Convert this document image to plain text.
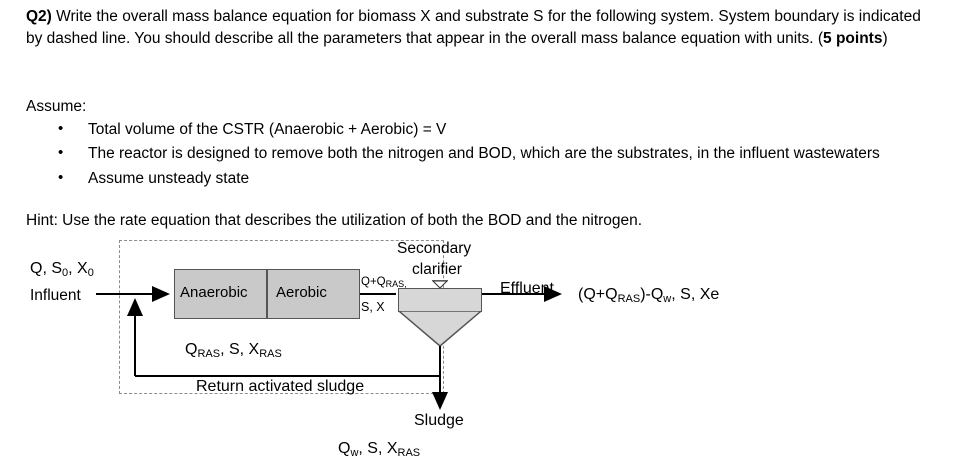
Q2) Write the overall mass balance equation for biomass X and substrate S for the following system. System boundary is indicated by dashed line. You should describe all the parameters that appear in the overall mass balance equation with units. (5 points)
Assume:
• Total volume of the CSTR (Anaerobic + Aerobic) = V
• The reactor is designed to remove both the nitrogen and BOD, which are the substrates, in the influent wastewaters
• Assume unsteady state
Hint: Use the rate equation that describes the utilization of both the BOD and the nitrogen.
Anaerobic Aerobic
Secondary
clarifier
Q, S0, X0
Influent
Q+QRAS,
S, X
Effluent (Q+QRAS)-Qw, S, Xe
QRAS, S, XRAS
Return activated sludge
Sludge
Qw, S, XRAS
